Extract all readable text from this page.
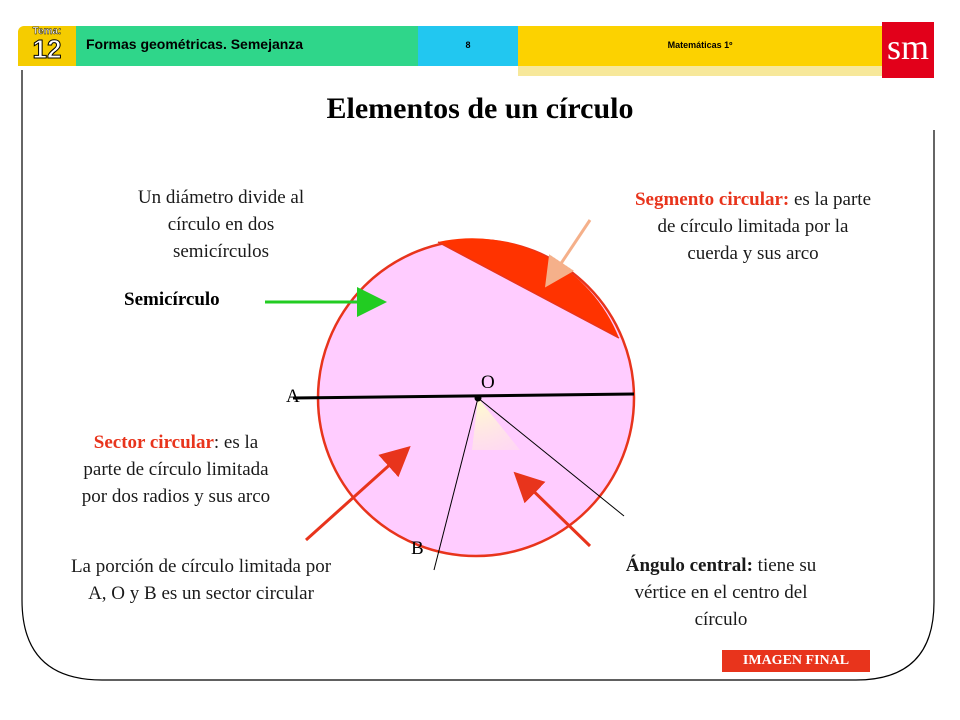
Tema:
12	Formas geométricas. Semejanza	8	Matemáticas 1º	sm
Elementos de un círculo
Un diámetro divide al
círculo en dos
semicírculos
Semicírculo
Segmento circular: es la parte
de círculo limitada por la
cuerda y sus arco
A
O
B
Sector circular: es la
parte de círculo limitada
por dos radios y sus arco
La porción de círculo limitada por
A, O y B es un sector circular
Ángulo central: tiene su
vértice en el centro del
círculo
IMAGEN FINAL
